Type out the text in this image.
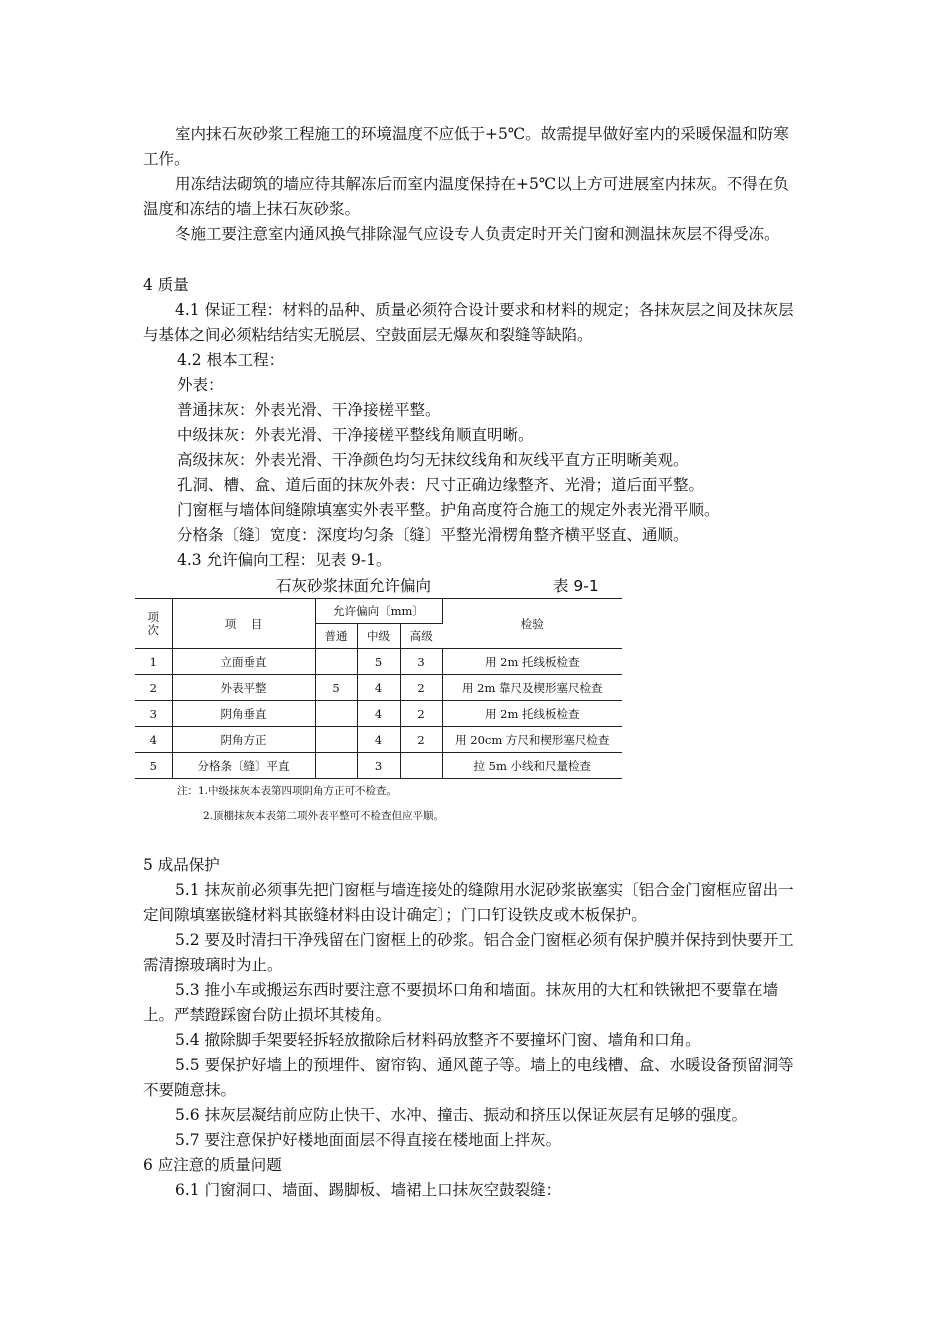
室内抹石灰砂浆工程施工的环境温度不应低于+5℃。故需提早做好室内的采暖保温和防寒工作。

用冻结法砌筑的墙应待其解冻后而室内温度保持在+5℃以上方可进展室内抹灰。不得在负温度和冻结的墙上抹石灰砂浆。

冬施工要注意室内通风换气排除湿气应设专人负责定时开关门窗和测温抹灰层不得受冻。

4 质量

4.1 保证工程：材料的品种、质量必须符合设计要求和材料的规定；各抹灰层之间及抹灰层与基体之间必须粘结结实无脱层、空鼓面层无爆灰和裂缝等缺陷。

4.2 根本工程：

外表：

普通抹灰：外表光滑、干净接槎平整。

中级抹灰：外表光滑、干净接槎平整线角顺直明晰。

高级抹灰：外表光滑、干净颜色均匀无抹纹线角和灰线平直方正明晰美观。

孔洞、槽、盒、道后面的抹灰外表：尺寸正确边缘整齐、光滑；道后面平整。

门窗框与墙体间缝隙填塞实外表平整。护角高度符合施工的规定外表光滑平顺。

分格条〔缝〕宽度：深度均匀条〔缝〕平整光滑楞角整齐横平竖直、通顺。

4.3 允许偏向工程：见表 9-1。

石灰砂浆抹面允许偏向	表 9-1
项
次	项    目	允许偏向〔mm〕			检验
		普通	中级	高级	
1	立面垂直		5	3	用 2m 托线板检查
2	外表平整	5	4	2	用 2m 靠尺及楔形塞尺检查
3	阴角垂直		4	2	用 2m 托线板检查
4	阴角方正		4	2	用 20cm 方尺和楔形塞尺检查
5	分格条〔缝〕平直		3		拉 5m 小线和尺量检查
注：1.中级抹灰本表第四项阴角方正可不检查。
2.顶棚抹灰本表第二项外表平整可不检查但应平顺。

5 成品保护

5.1 抹灰前必须事先把门窗框与墙连接处的缝隙用水泥砂浆嵌塞实〔铝合金门窗框应留出一定间隙填塞嵌缝材料其嵌缝材料由设计确定〕；门口钉设铁皮或木板保护。

5.2 要及时清扫干净残留在门窗框上的砂浆。铝合金门窗框必须有保护膜并保持到快要开工需清擦玻璃时为止。

5.3 推小车或搬运东西时要注意不要损坏口角和墙面。抹灰用的大杠和铁锹把不要靠在墙上。严禁蹬踩窗台防止损坏其棱角。

5.4 撤除脚手架要轻拆轻放撤除后材料码放整齐不要撞坏门窗、墙角和口角。

5.5 要保护好墙上的预埋件、窗帘钩、通风蓖子等。墙上的电线槽、盒、水暖设备预留洞等不要随意抹。

5.6 抹灰层凝结前应防止快干、水冲、撞击、振动和挤压以保证灰层有足够的强度。

5.7 要注意保护好楼地面面层不得直接在楼地面上拌灰。

6 应注意的质量问题

6.1 门窗洞口、墙面、踢脚板、墙裙上口抹灰空鼓裂缝：
